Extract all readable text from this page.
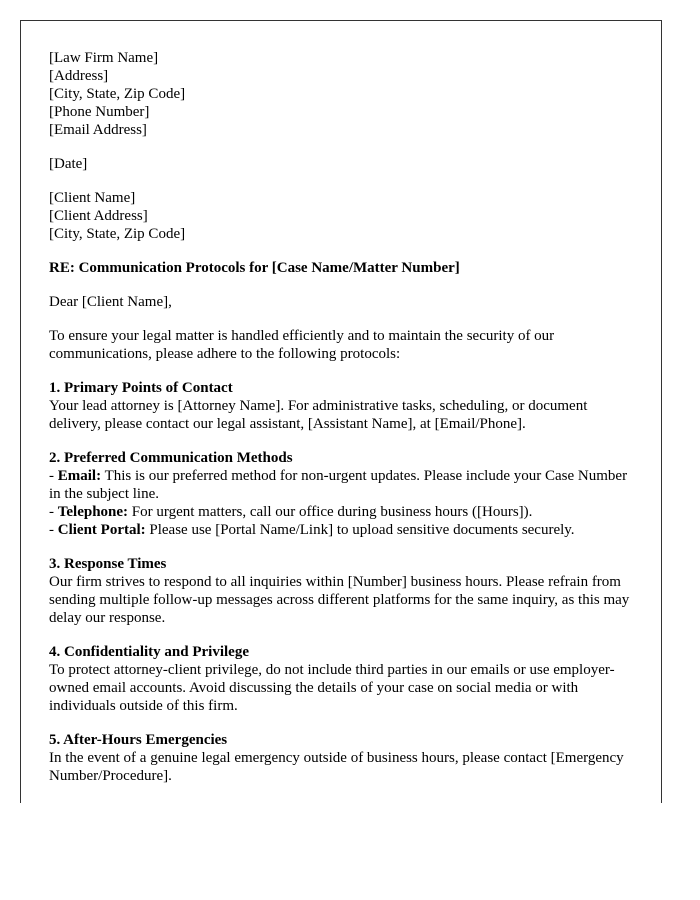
[Law Firm Name]
[Address]
[City, State, Zip Code]
[Phone Number]
[Email Address]

[Date]

[Client Name]
[Client Address]
[City, State, Zip Code]

RE: Communication Protocols for [Case Name/Matter Number]

Dear [Client Name],

To ensure your legal matter is handled efficiently and to maintain the security of our communications, please adhere to the following protocols:

1. Primary Points of Contact
Your lead attorney is [Attorney Name]. For administrative tasks, scheduling, or document delivery, please contact our legal assistant, [Assistant Name], at [Email/Phone].

2. Preferred Communication Methods
- Email: This is our preferred method for non-urgent updates. Please include your Case Number in the subject line.
- Telephone: For urgent matters, call our office during business hours ([Hours]).
- Client Portal: Please use [Portal Name/Link] to upload sensitive documents securely.

3. Response Times
Our firm strives to respond to all inquiries within [Number] business hours. Please refrain from sending multiple follow-up messages across different platforms for the same inquiry, as this may delay our response.

4. Confidentiality and Privilege
To protect attorney-client privilege, do not include third parties in our emails or use employer-owned email accounts. Avoid discussing the details of your case on social media or with individuals outside of this firm.

5. After-Hours Emergencies
In the event of a genuine legal emergency outside of business hours, please contact [Emergency Number/Procedure].
